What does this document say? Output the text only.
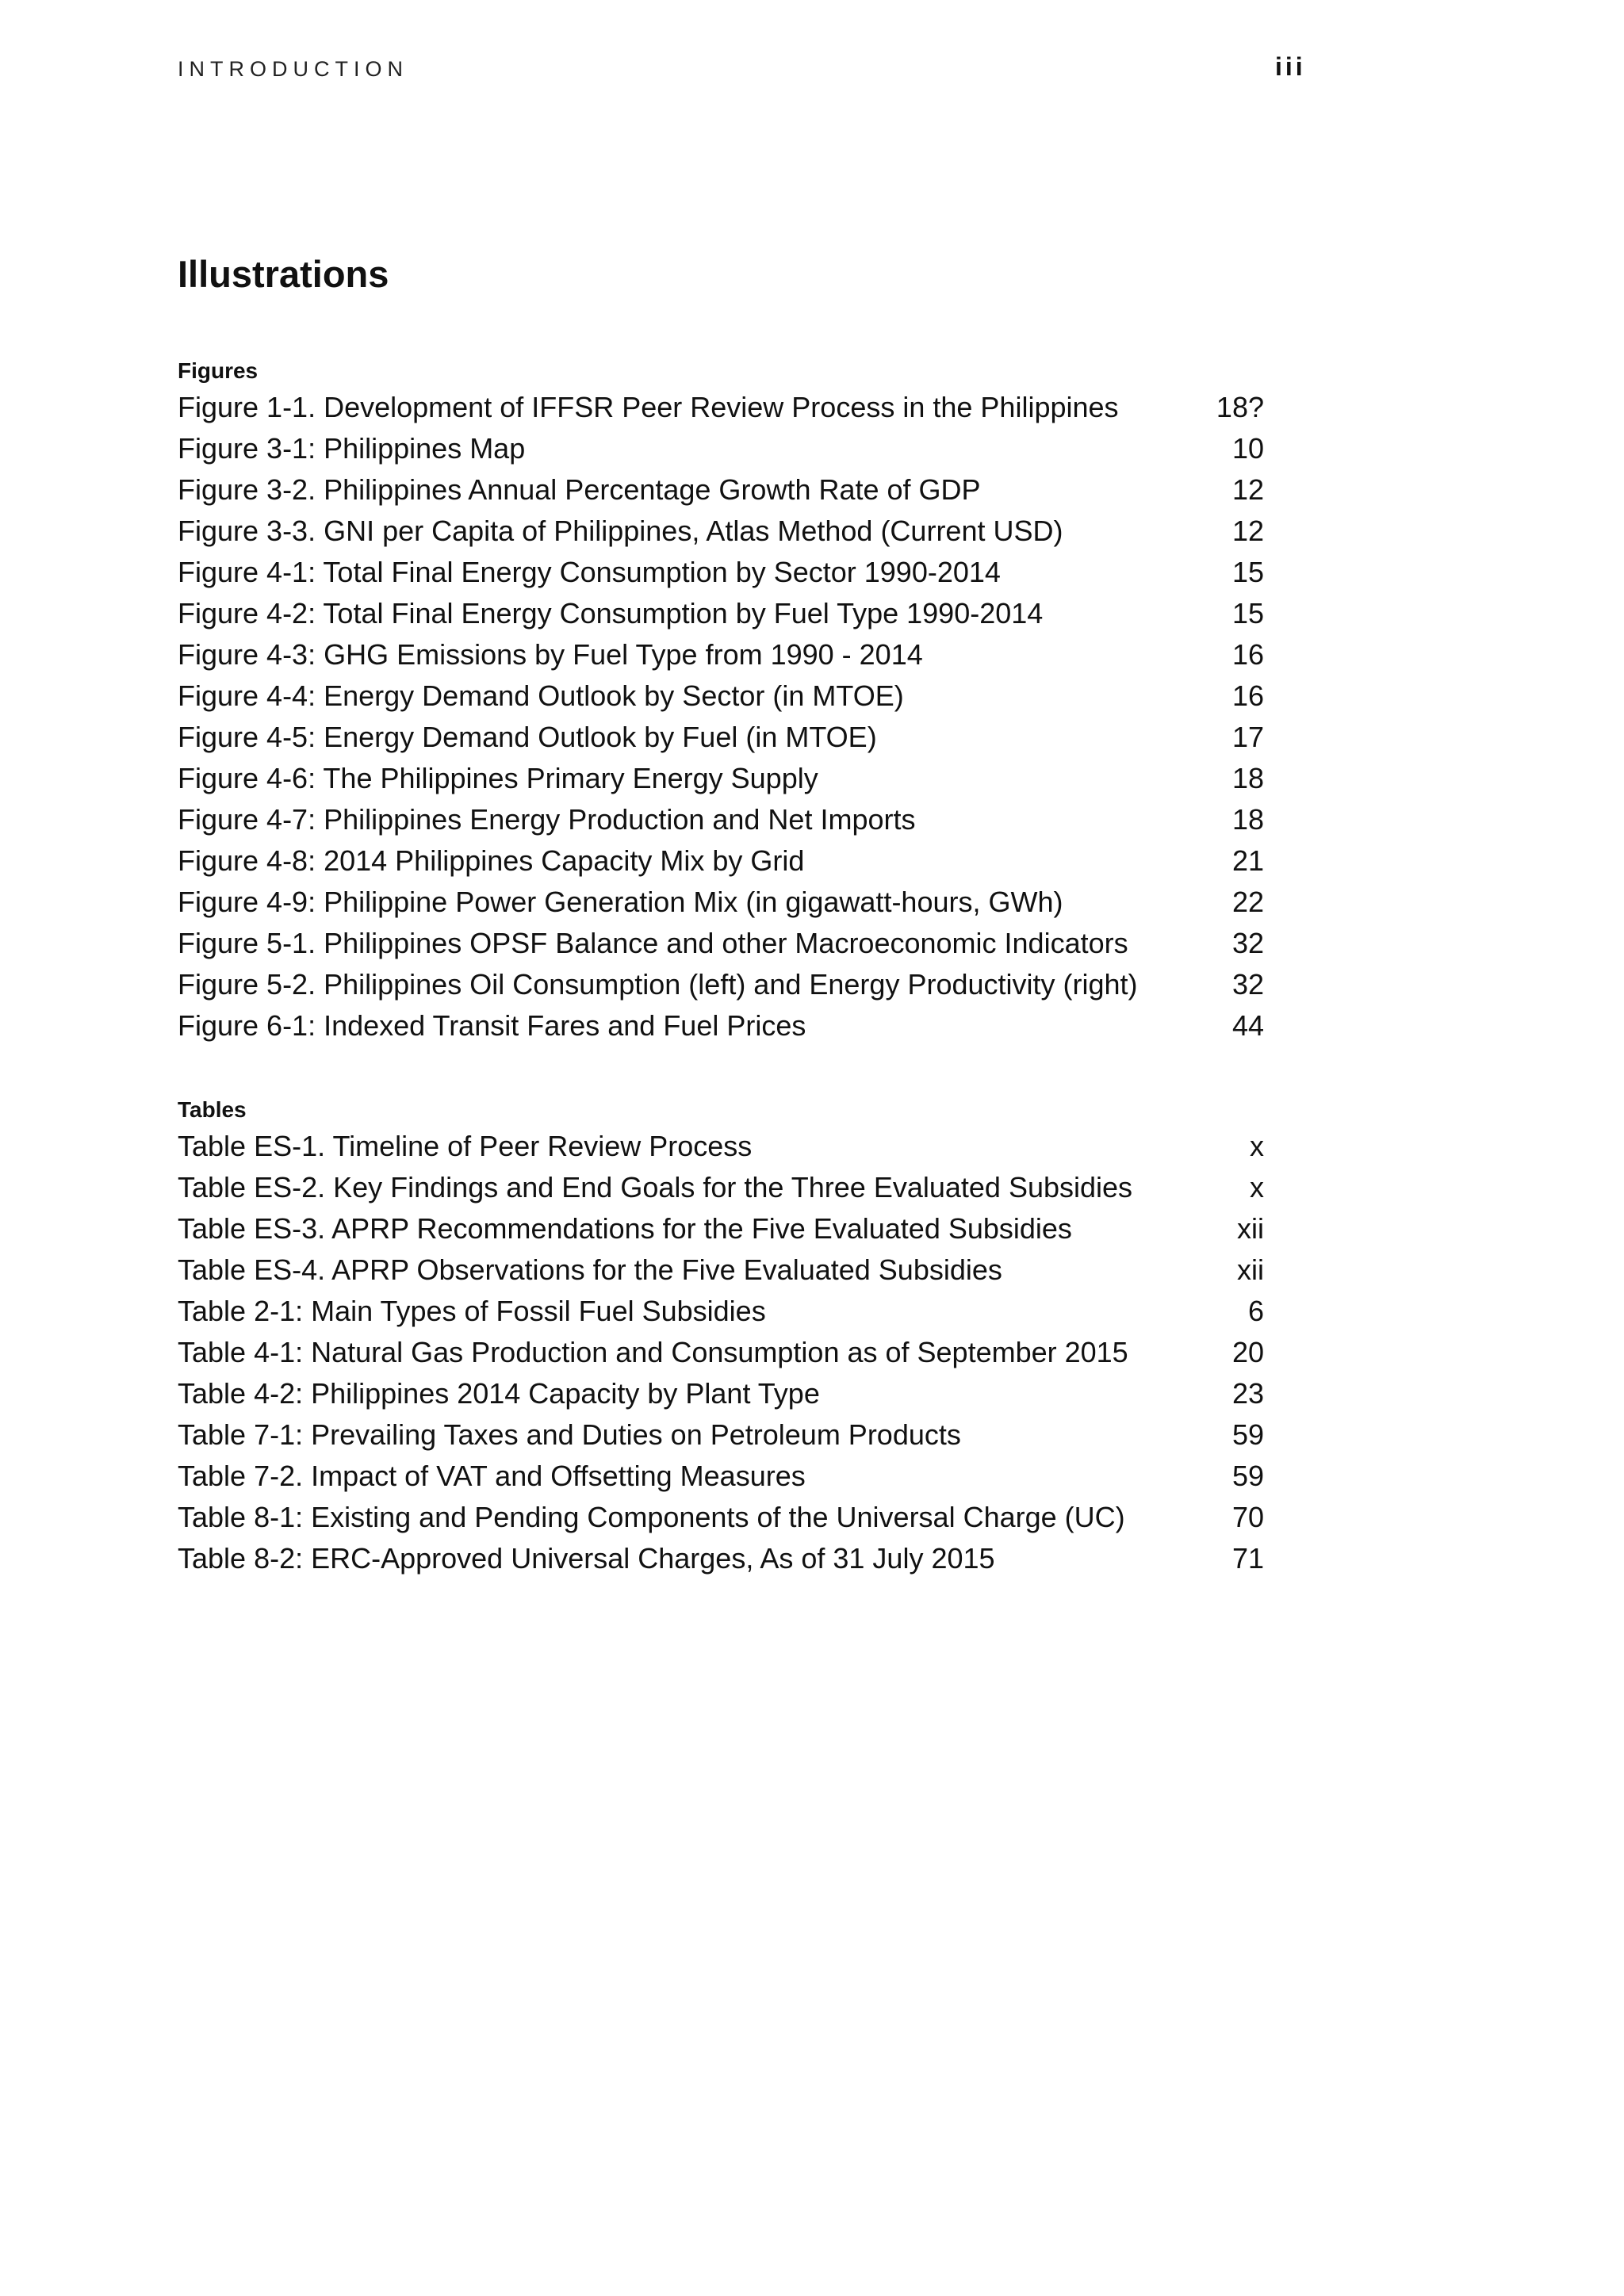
INTRODUCTION	iii
Illustrations
Figures
Figure 1-1. Development of IFFSR Peer Review Process in the Philippines	18?
Figure 3-1: Philippines Map	10
Figure 3-2. Philippines Annual Percentage Growth Rate of GDP	12
Figure 3-3. GNI per Capita of Philippines, Atlas Method (Current USD)	12
Figure 4-1: Total Final Energy Consumption by Sector 1990-2014	15
Figure 4-2: Total Final Energy Consumption by Fuel Type 1990-2014	15
Figure 4-3: GHG Emissions by Fuel Type from 1990 - 2014	16
Figure 4-4: Energy Demand Outlook by Sector (in MTOE)	16
Figure 4-5: Energy Demand Outlook by Fuel (in MTOE)	17
Figure 4-6: The Philippines Primary Energy Supply	18
Figure 4-7: Philippines Energy Production and Net Imports	18
Figure 4-8: 2014 Philippines Capacity Mix by Grid	21
Figure 4-9: Philippine Power Generation Mix (in gigawatt-hours, GWh)	22
Figure 5-1. Philippines OPSF Balance and other Macroeconomic Indicators	32
Figure 5-2. Philippines Oil Consumption (left) and Energy Productivity (right)	32
Figure 6-1: Indexed Transit Fares and Fuel Prices	44
Tables
Table ES-1. Timeline of Peer Review Process	x
Table ES-2. Key Findings and End Goals for the Three Evaluated Subsidies	x
Table ES-3. APRP Recommendations for the Five Evaluated Subsidies	xii
Table ES-4. APRP Observations for the Five Evaluated Subsidies	xii
Table 2-1: Main Types of Fossil Fuel Subsidies	6
Table 4-1: Natural Gas Production and Consumption as of September 2015	20
Table 4-2: Philippines 2014 Capacity by Plant Type	23
Table 7-1: Prevailing Taxes and Duties on Petroleum Products	59
Table 7-2. Impact of VAT and Offsetting Measures	59
Table 8-1: Existing and Pending Components of the Universal Charge (UC)	70
Table 8-2: ERC-Approved Universal Charges, As of 31 July 2015	71
